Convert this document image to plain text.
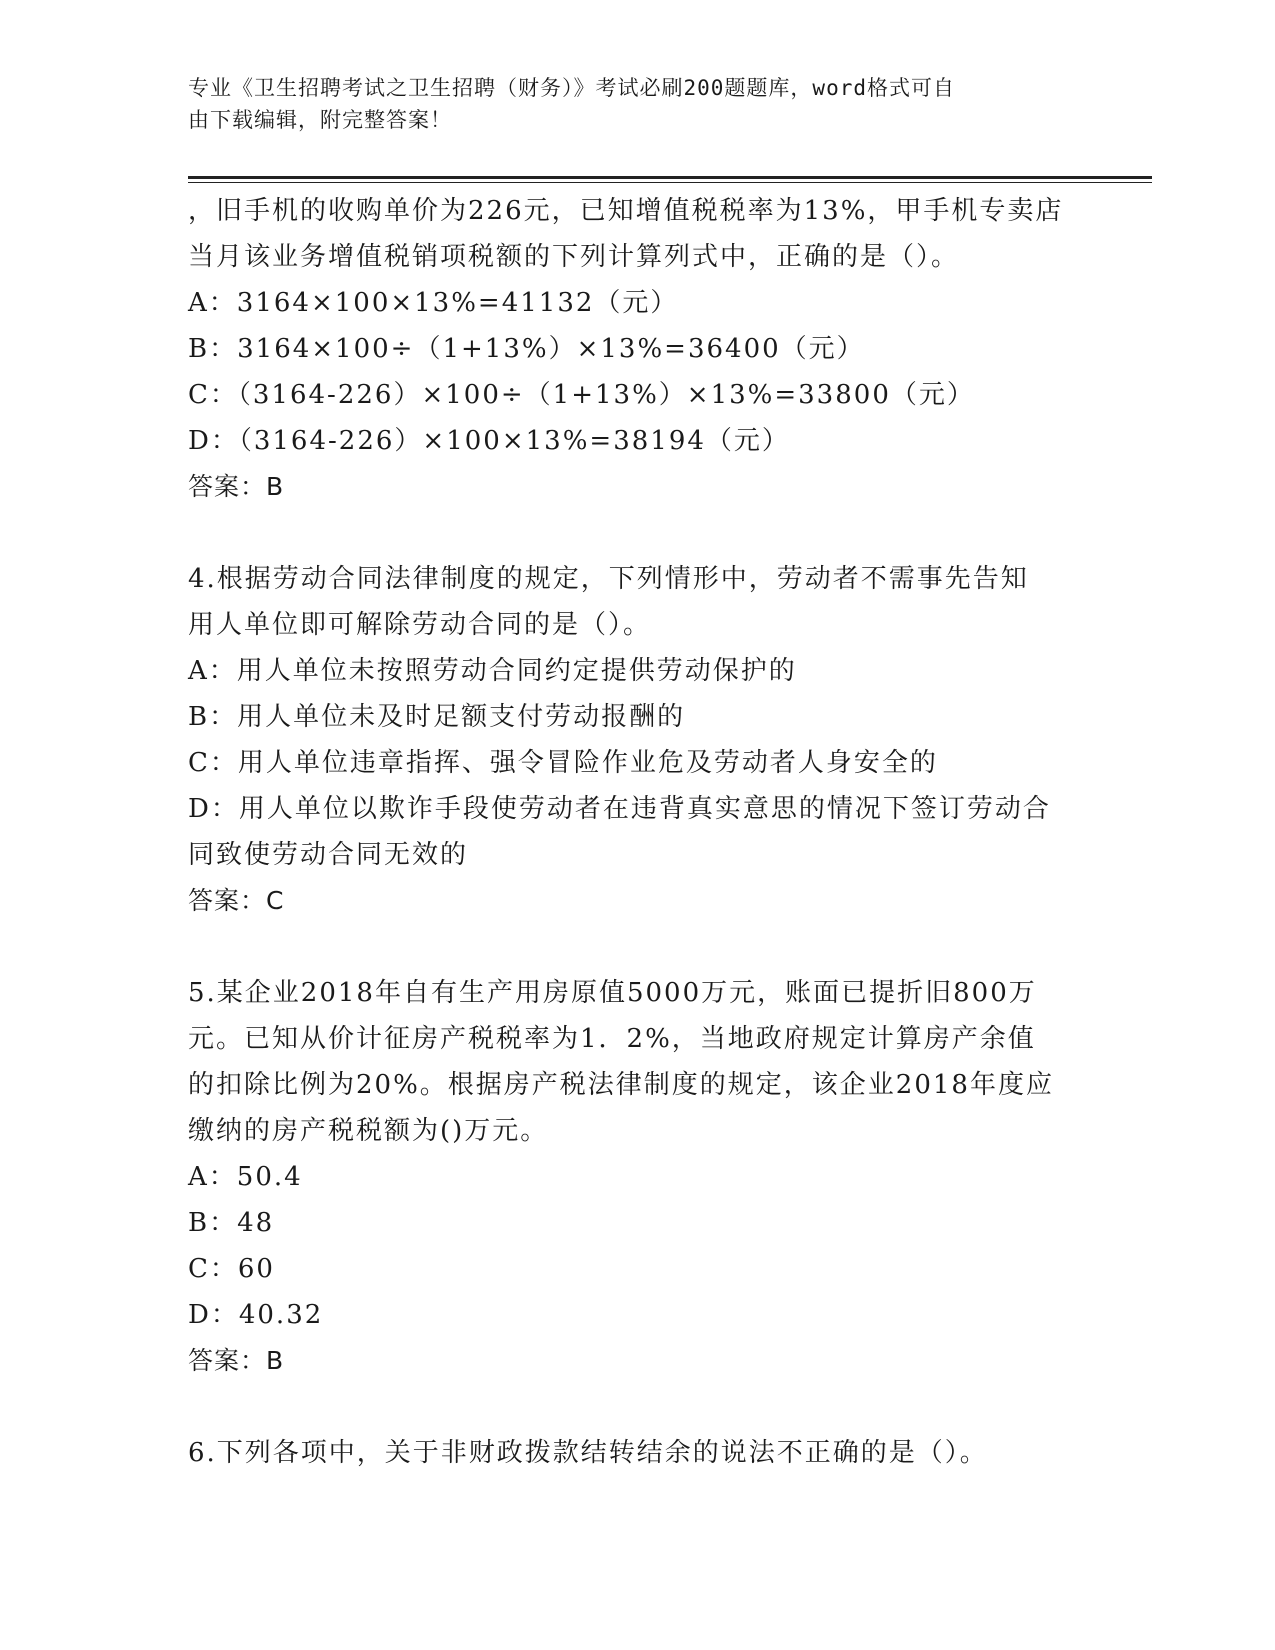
专业《卫生招聘考试之卫生招聘（财务）》考试必刷200题题库，word格式可自
由下载编辑，附完整答案！
，旧手机的收购单价为226元，已知增值税税率为13%，甲手机专卖店
当月该业务增值税销项税额的下列计算列式中，正确的是（）。
A：3164×100×13%=41132（元）
B：3164×100÷（1+13%）×13%=36400（元）
C：（3164-226）×100÷（1+13%）×13%=33800（元）
D：（3164-226）×100×13%=38194（元）
答案：B
4.根据劳动合同法律制度的规定，下列情形中，劳动者不需事先告知
用人单位即可解除劳动合同的是（）。
A：用人单位未按照劳动合同约定提供劳动保护的
B：用人单位未及时足额支付劳动报酬的
C：用人单位违章指挥、强令冒险作业危及劳动者人身安全的
D：用人单位以欺诈手段使劳动者在违背真实意思的情况下签订劳动合
同致使劳动合同无效的
答案：C
5.某企业2018年自有生产用房原值5000万元，账面已提折旧800万
元。已知从价计征房产税税率为1．2%，当地政府规定计算房产余值
的扣除比例为20%。根据房产税法律制度的规定，该企业2018年度应
缴纳的房产税税额为()万元。
A：50.4
B：48
C：60
D：40.32
答案：B
6.下列各项中，关于非财政拨款结转结余的说法不正确的是（）。
